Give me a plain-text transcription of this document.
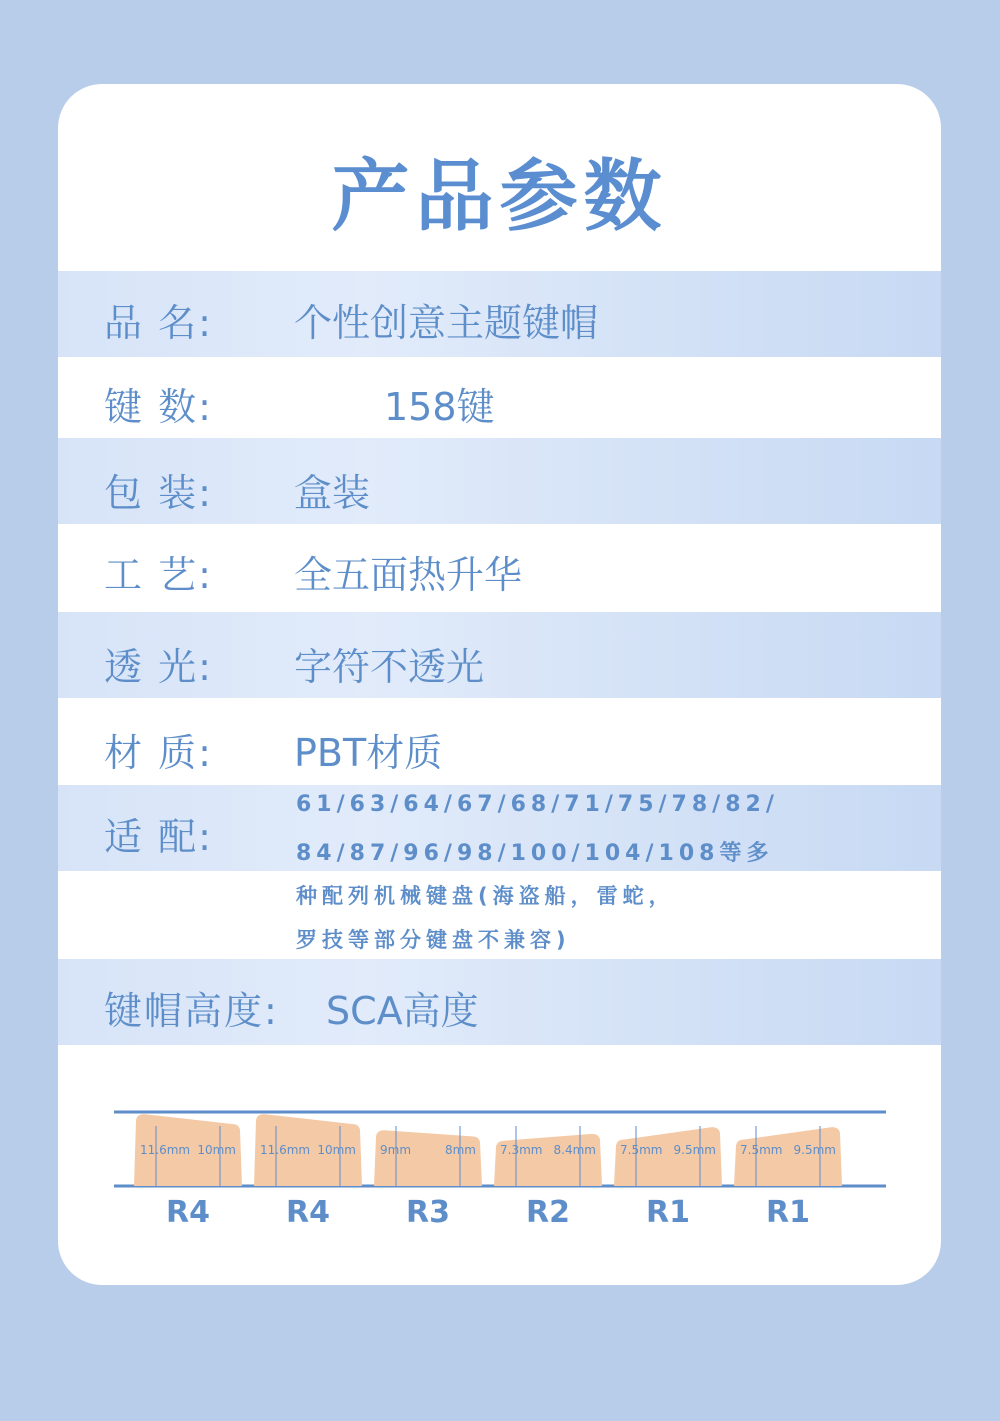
产品参数
品 名: 个性创意主题键帽
键 数:	158键
包 装: 盒装
工 艺: 全五面热升华
透 光: 字符不透光
材 质: PBT材质
适 配:
61/63/64/67/68/71/75/78/82/
84/87/96/98/100/104/108等多
种配列机械键盘(海盗船，雷蛇，
罗技等部分键盘不兼容)
键帽高度: SCA高度
11.6mm 10mm
R4
11.6mm 10mm
R4
9mm	8mm
R3
7.3mm 8.4mm
R2
7.5mm 9.5mm
R1
7.5mm 9.5mm
R1
